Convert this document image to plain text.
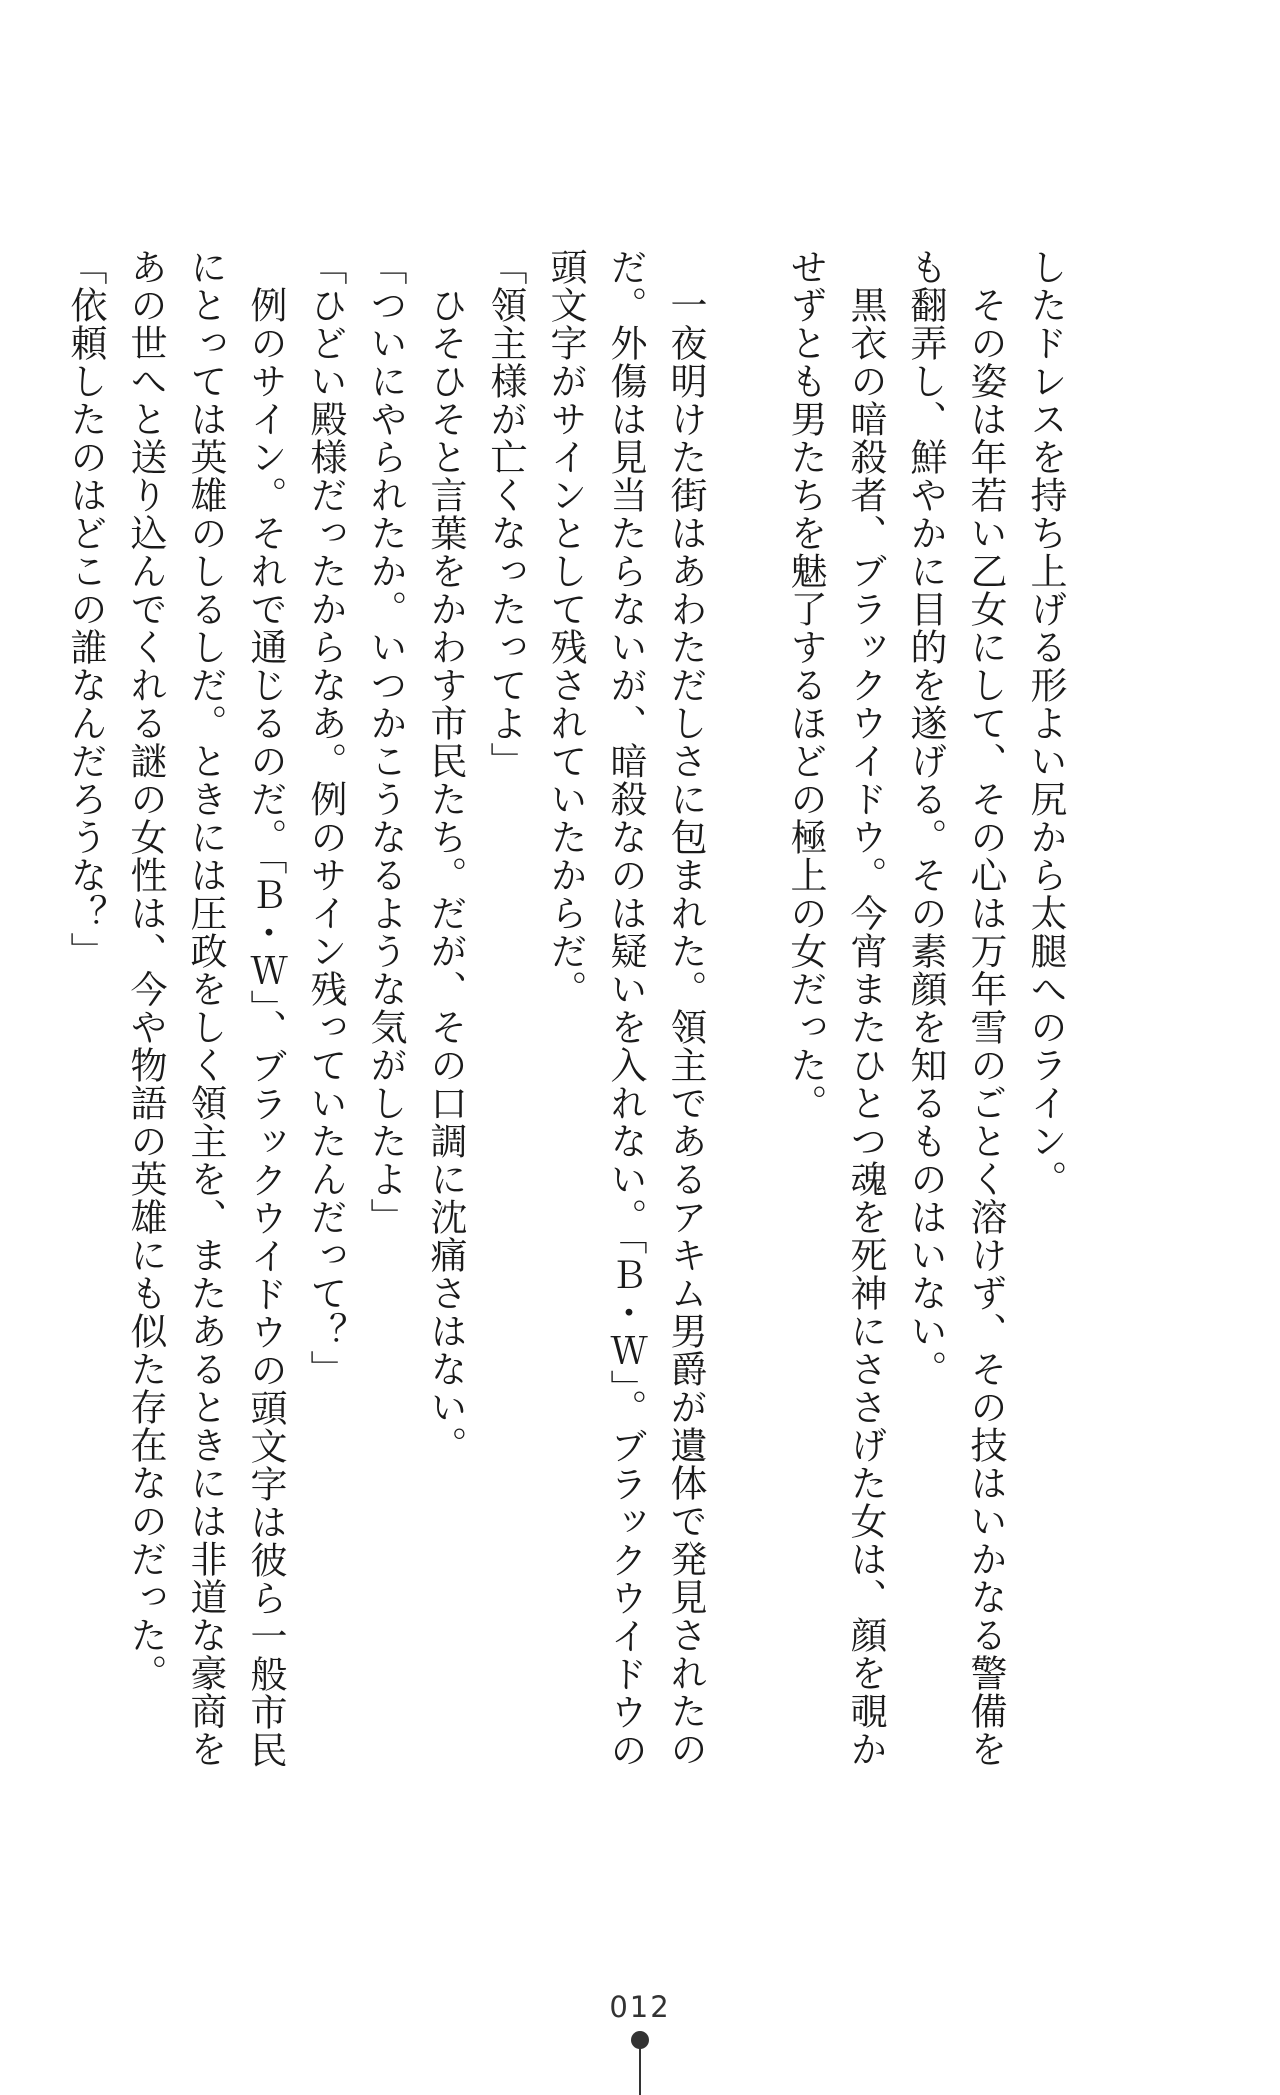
したドレスを持ち上げる形よい尻から太腿へのライン。
　その姿は年若い乙女にして、その心は万年雪のごとく溶けず、その技はいかなる警備を
も翻弄し、鮮やかに目的を遂げる。その素顔を知るものはいない。
　黒衣の暗殺者、ブラックウイドウ。今宵またひとつ魂を死神にささげた女は、顔を覗か
せずとも男たちを魅了するほどの極上の女だった。
　一夜明けた街はあわただしさに包まれた。領主であるアキム男爵が遺体で発見されたの
だ。外傷は見当たらないが、暗殺なのは疑いを入れない。「Ｂ・Ｗ」。ブラックウイドウの
頭文字がサインとして残されていたからだ。
「領主様が亡くなったってよ」
　ひそひそと言葉をかわす市民たち。だが、その口調に沈痛さはない。
「ついにやられたか。いつかこうなるような気がしたよ」
「ひどい殿様だったからなあ。例のサイン残っていたんだって？」
　例のサイン。それで通じるのだ。「Ｂ・Ｗ」、ブラックウイドウの頭文字は彼ら一般市民
にとっては英雄のしるしだ。ときには圧政をしく領主を、またあるときには非道な豪商を
あの世へと送り込んでくれる謎の女性は、今や物語の英雄にも似た存在なのだった。
「依頼したのはどこの誰なんだろうな？」
012
